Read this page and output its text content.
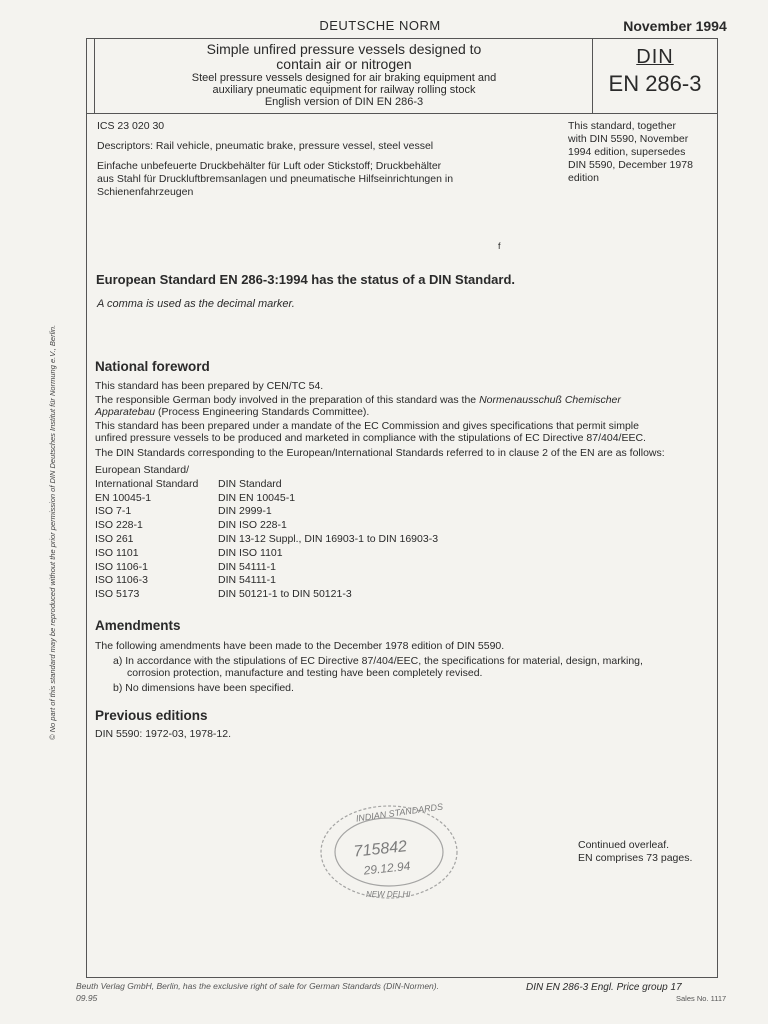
DEUTSCHE NORM	November 1994
Simple unfired pressure vessels designed to
contain air or nitrogen
Steel pressure vessels designed for air braking equipment and
auxiliary pneumatic equipment for railway rolling stock
English version of DIN EN 286-3
DIN
EN 286-3
ICS 23 020 30
Descriptors: Rail vehicle, pneumatic brake, pressure vessel, steel vessel
Einfache unbefeuerte Druckbehälter für Luft oder Stickstoff; Druckbehälter
aus Stahl für Druckluftbremsanlagen und pneumatische Hilfseinrichtungen in
Schienenfahrzeugen
This standard, together
with DIN 5590, November
1994 edition, supersedes
DIN 5590, December 1978
edition
f
European Standard EN 286-3:1994 has the status of a DIN Standard.
A comma is used as the decimal marker.
National foreword
This standard has been prepared by CEN/TC 54.
The responsible German body involved in the preparation of this standard was the Normenausschuß Chemischer
Apparatebau (Process Engineering Standards Committee).
This standard has been prepared under a mandate of the EC Commission and gives specifications that permit simple
unfired pressure vessels to be produced and marketed in compliance with the stipulations of EC Directive 87/404/EEC.
The DIN Standards corresponding to the European/International Standards referred to in clause 2 of the EN are as follows:
European Standard/
International Standard	DIN Standard
EN 10045-1	DIN EN 10045-1
ISO 7-1	DIN 2999-1
ISO 228-1	DIN ISO 228-1
ISO 261	DIN 13-12 Suppl., DIN 16903-1 to DIN 16903-3
ISO 1101	DIN ISO 1101
ISO 1106-1	DIN 54111-1
ISO 1106-3	DIN 54111-1
ISO 5173	DIN 50121-1 to DIN 50121-3
Amendments
The following amendments have been made to the December 1978 edition of DIN 5590.
a) In accordance with the stipulations of EC Directive 87/404/EEC, the specifications for material, design, marking,
corrosion protection, manufacture and testing have been completely revised.
b) No dimensions have been specified.
Previous editions
DIN 5590: 1972-03, 1978-12.
INDIAN STANDARDS
715842
29.12.94
NEW DELHI
Continued overleaf.
EN comprises 73 pages.
© No part of this standard may be reproduced without the prior permission of DIN Deutsches Institut für Normung e.V., Berlin.
Beuth Verlag GmbH, Berlin, has the exclusive right of sale for German Standards (DIN-Normen).
09.95
DIN EN 286-3 Engl. Price group 17
Sales No. 1117
